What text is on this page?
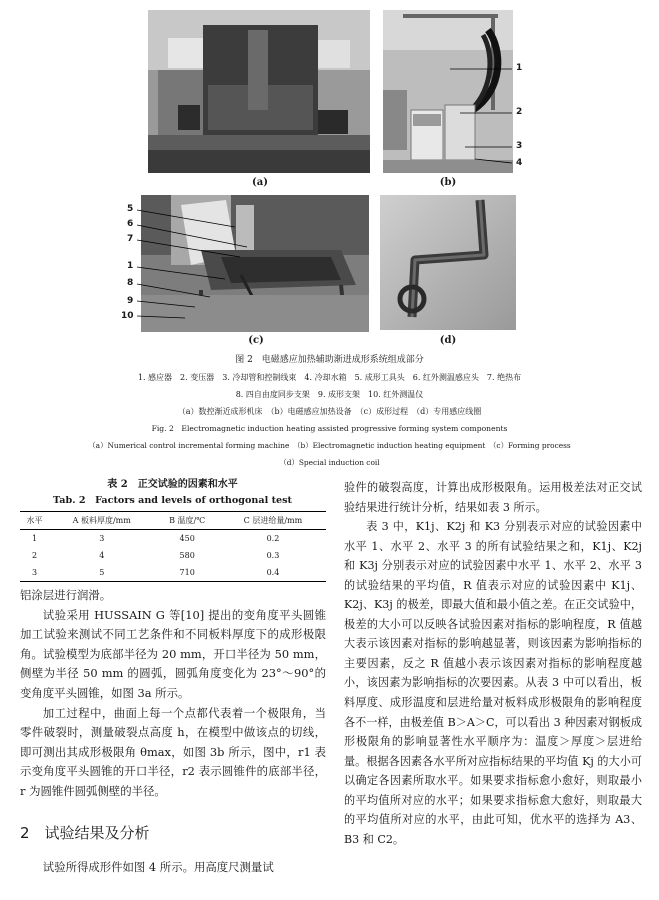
(a)	(b)
1
2
3
4
(c)
5
6
7
1
8
9
10
(d)
图 2　电磁感应加热辅助渐进成形系统组成部分
1. 感应器　2. 变压器　3. 冷却管和控制线束　4. 冷却水箱　5. 成形工具头　6. 红外测温感应头　7. 绝热布
8. 四自由度同步支架　9. 成形支架　10. 红外测温仪
（a）数控渐近成形机床　（b）电磁感应加热设备　（c）成形过程　（d）专用感应线圈
Fig. 2　Electromagnetic induction heating assisted progressive forming system components
（a）Numerical control incremental forming machine　（b）Electromagnetic induction heating equipment　（c）Forming process
（d）Special induction coil
表 2　正交试验的因素和水平
Tab. 2　Factors and levels of orthogonal test
水平	A 板料厚度/mm	B 温度/℃	C 层进给量/mm
1	3	450	0.2
2	4	580	0.3
3	5	710	0.4

铝涂层进行润滑。

试验采用 HUSSAIN G 等[10] 提出的变角度平头圆锥加工试验来测试不同工艺条件和不同板料厚度下的成形极限角。试验模型为底部半径为 20 mm，开口半径为 50 mm，侧壁为半径 50 mm 的圆弧，圆弧角度变化为 23°～90°的变角度平头圆锥，如图 3a 所示。

加工过程中，曲面上每一个点都代表着一个极限角，当零件破裂时，测量破裂点高度 h，在模型中做该点的切线，即可测出其成形极限角 θmax，如图 3b 所示，图中，r1 表示变角度平头圆锥的开口半径，r2 表示圆锥件的底部半径，r 为圆锥件圆弧侧壁的半径。

2　试验结果及分析

试验所得成形件如图 4 所示。用高度尺测量试

验件的破裂高度，计算出成形极限角。运用极差法对正交试验结果进行统计分析，结果如表 3 所示。

表 3 中，K1j、K2j 和 K3 分别表示对应的试验因素中水平 1、水平 2、水平 3 的所有试验结果之和，K1j、K2j 和 K3j 分别表示对应的试验因素中水平 1、水平 2、水平 3 的试验结果的平均值，R 值表示对应的试验因素中 K1j、K2j、K3j 的极差，即最大值和最小值之差。在正交试验中，极差的大小可以反映各试验因素对指标的影响程度，R 值越大表示该因素对指标的影响越显著，则该因素为影响指标的主要因素，反之 R 值越小表示该因素对指标的影响程度越小，该因素为影响指标的次要因素。从表 3 中可以看出，板料厚度、成形温度和层进给量对板料成形极限角的影响程度各不一样，由极差值 B＞A＞C，可以看出 3 种因素对钢板成形极限角的影响显著性水平顺序为：温度＞厚度＞层进给量。根据各因素各水平所对应指标结果的平均值 Kj 的大小可以确定各因素所取水平。如果要求指标愈小愈好，则取最小的平均值所对应的水平；如果要求指标愈大愈好，则取最大的平均值所对应的水平，由此可知，优水平的选择为 A3、B3 和 C2。
